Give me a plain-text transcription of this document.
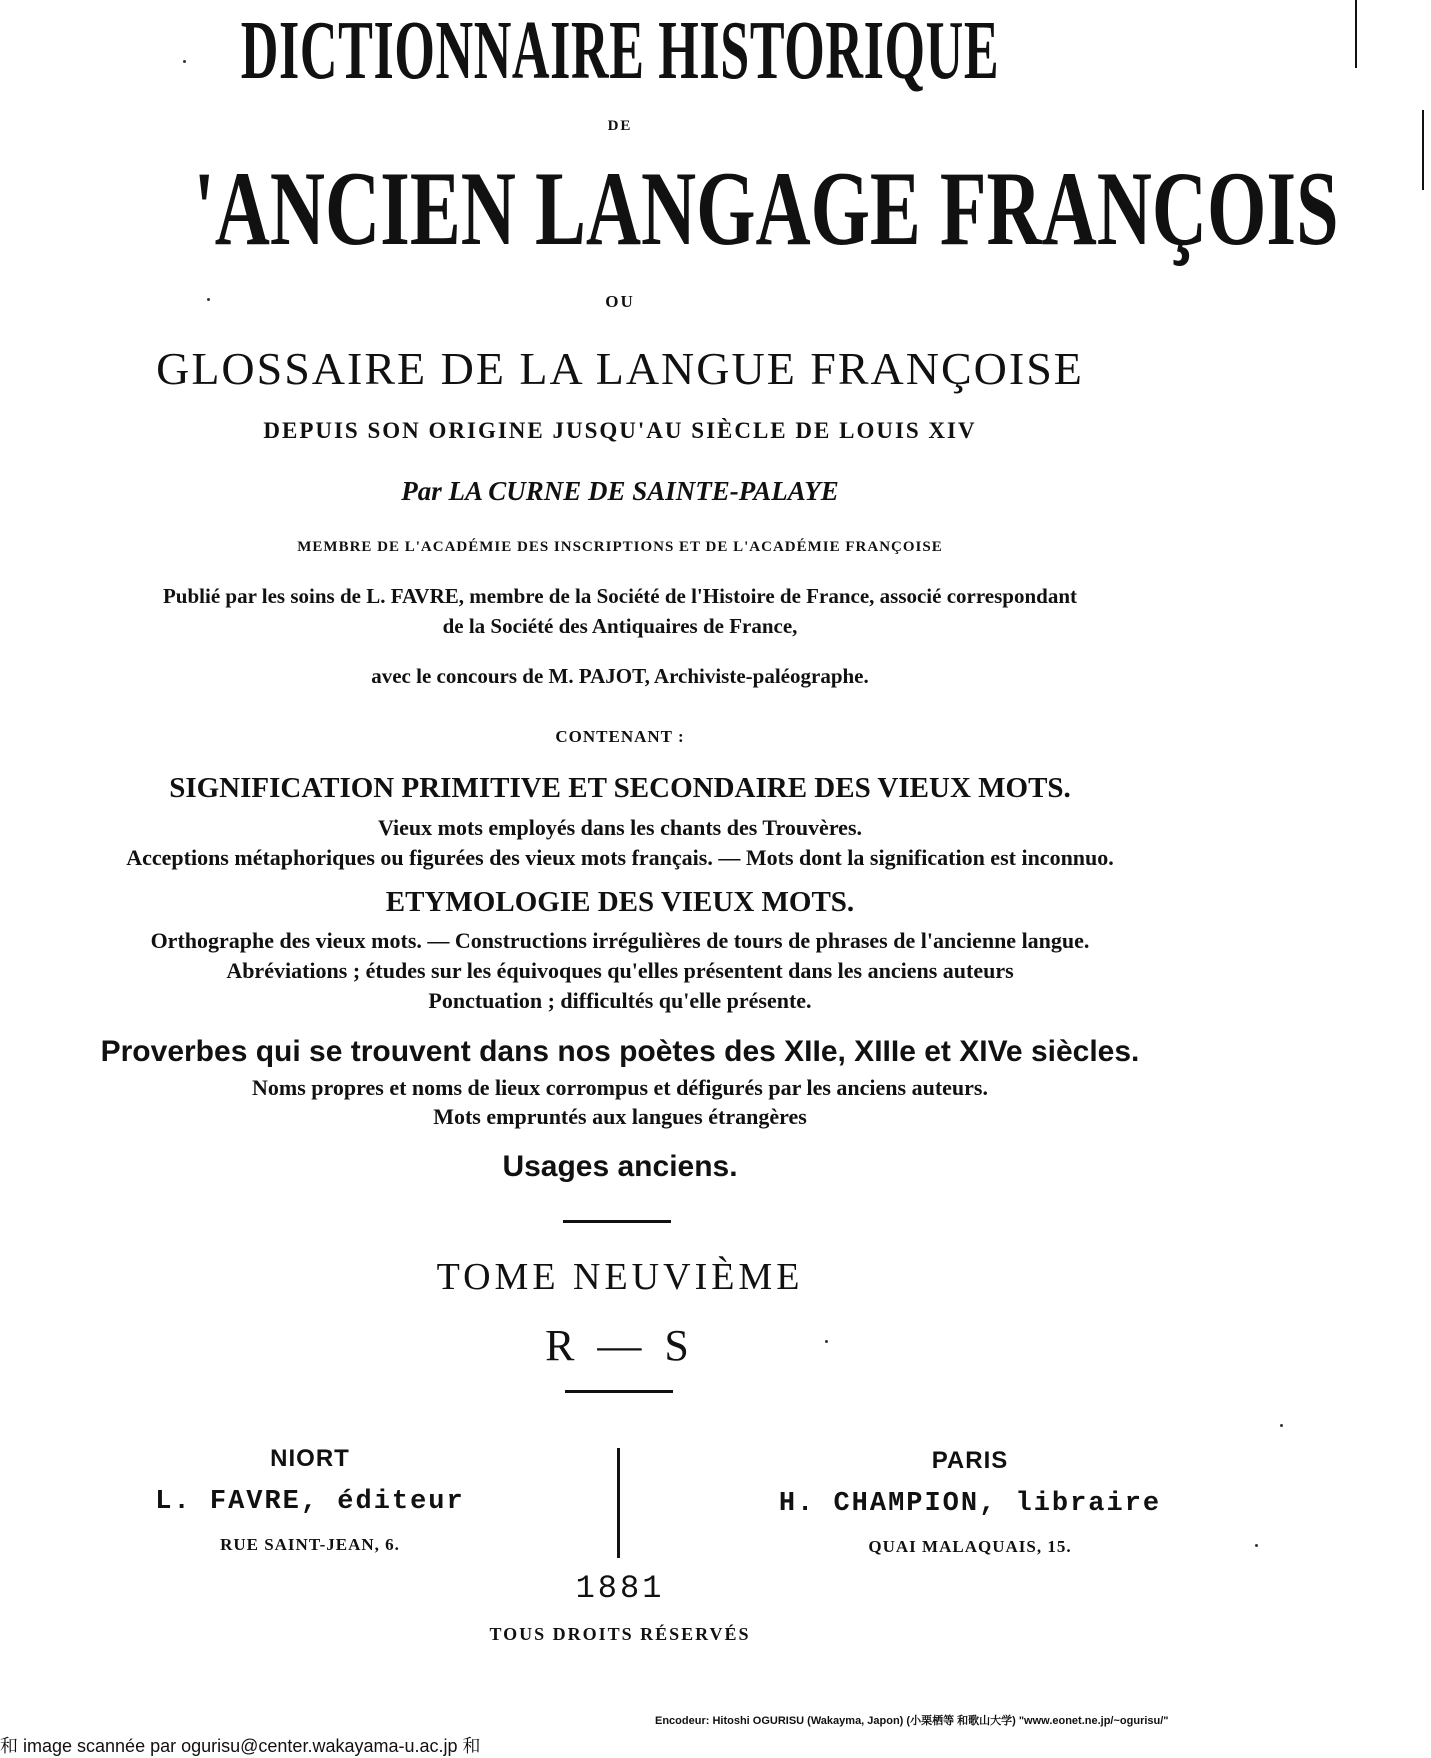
DICTIONNAIRE HISTORIQUE
DE
'ANCIEN LANGAGE FRANÇOIS
OU
GLOSSAIRE DE LA LANGUE FRANÇOISE
DEPUIS SON ORIGINE JUSQU'AU SIÈCLE DE LOUIS XIV
Par LA CURNE DE SAINTE-PALAYE
MEMBRE DE L'ACADÉMIE DES INSCRIPTIONS ET DE L'ACADÉMIE FRANÇOISE
Publié par les soins de L. FAVRE, membre de la Société de l'Histoire de France, associé correspondant
de la Société des Antiquaires de France,
avec le concours de M. PAJOT, Archiviste-paléographe.
CONTENANT :
SIGNIFICATION PRIMITIVE ET SECONDAIRE DES VIEUX MOTS.
Vieux mots employés dans les chants des Trouvères.
Acceptions métaphoriques ou figurées des vieux mots français. — Mots dont la signification est inconnuo.
ETYMOLOGIE DES VIEUX MOTS.
Orthographe des vieux mots. — Constructions irrégulières de tours de phrases de l'ancienne langue.
Abréviations ; études sur les équivoques qu'elles présentent dans les anciens auteurs
Ponctuation ; difficultés qu'elle présente.
Proverbes qui se trouvent dans nos poètes des XIIe, XIIIe et XIVe siècles.
Noms propres et noms de lieux corrompus et défigurés par les anciens auteurs.
Mots empruntés aux langues étrangères
Usages anciens.
TOME NEUVIÈME
R — S
NIORT
L. FAVRE, éditeur
RUE SAINT-JEAN, 6.
PARIS
H. CHAMPION, libraire
QUAI MALAQUAIS, 15.
1881
TOUS DROITS RÉSERVÉS
Encodeur: Hitoshi OGURISU (Wakayma, Japon) (小栗栖等 和歌山大学) "www.eonet.ne.jp/~ogurisu/"
和 image scannée par ogurisu@center.wakayama-u.ac.jp 和
